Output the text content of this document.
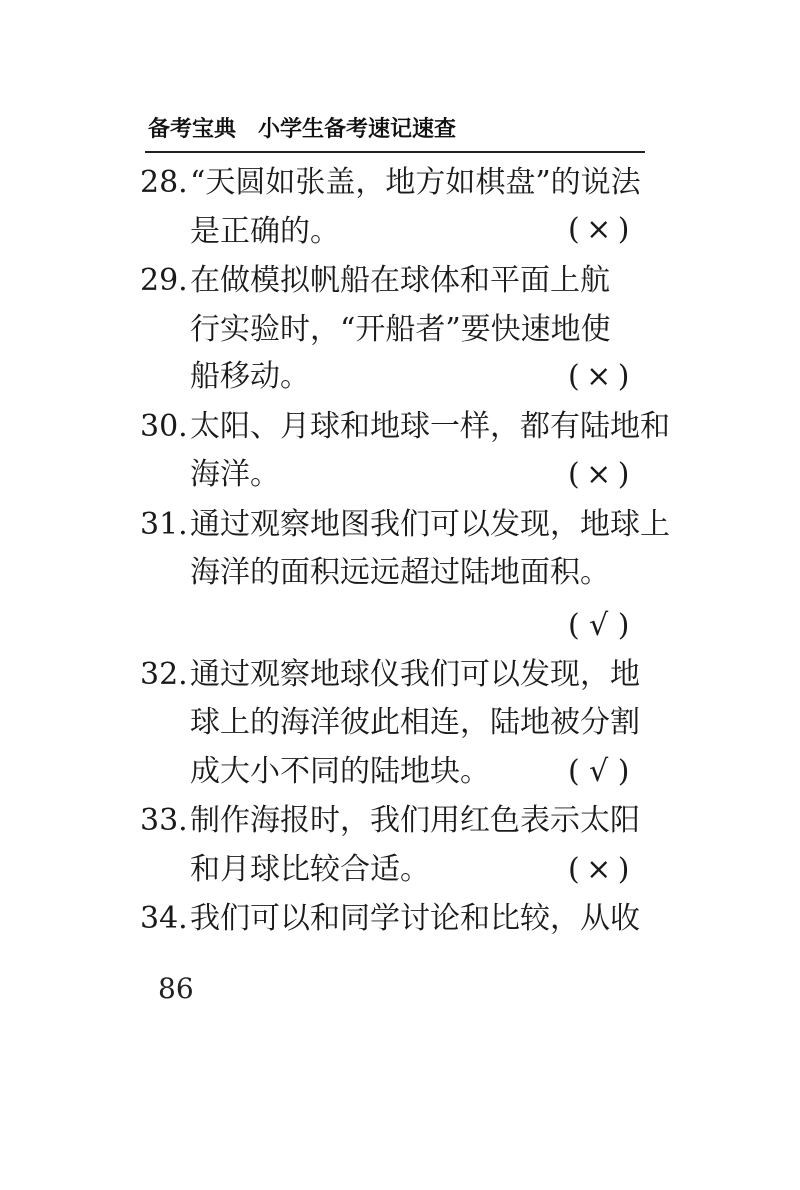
备考宝典 小学生备考速记速查
28. “天圆如张盖，地方如棋盘”的说法
是正确的。	( × )
29. 在做模拟帆船在球体和平面上航
行实验时，“开船者”要快速地使
船移动。	( × )
30. 太阳、月球和地球一样，都有陆地和
海洋。	( × )
31. 通过观察地图我们可以发现，地球上
海洋的面积远远超过陆地面积。
( √ )
32. 通过观察地球仪我们可以发现，地
球上的海洋彼此相连，陆地被分割
成大小不同的陆地块。	( √ )
33. 制作海报时，我们用红色表示太阳
和月球比较合适。	( × )
34. 我们可以和同学讨论和比较，从收
86
